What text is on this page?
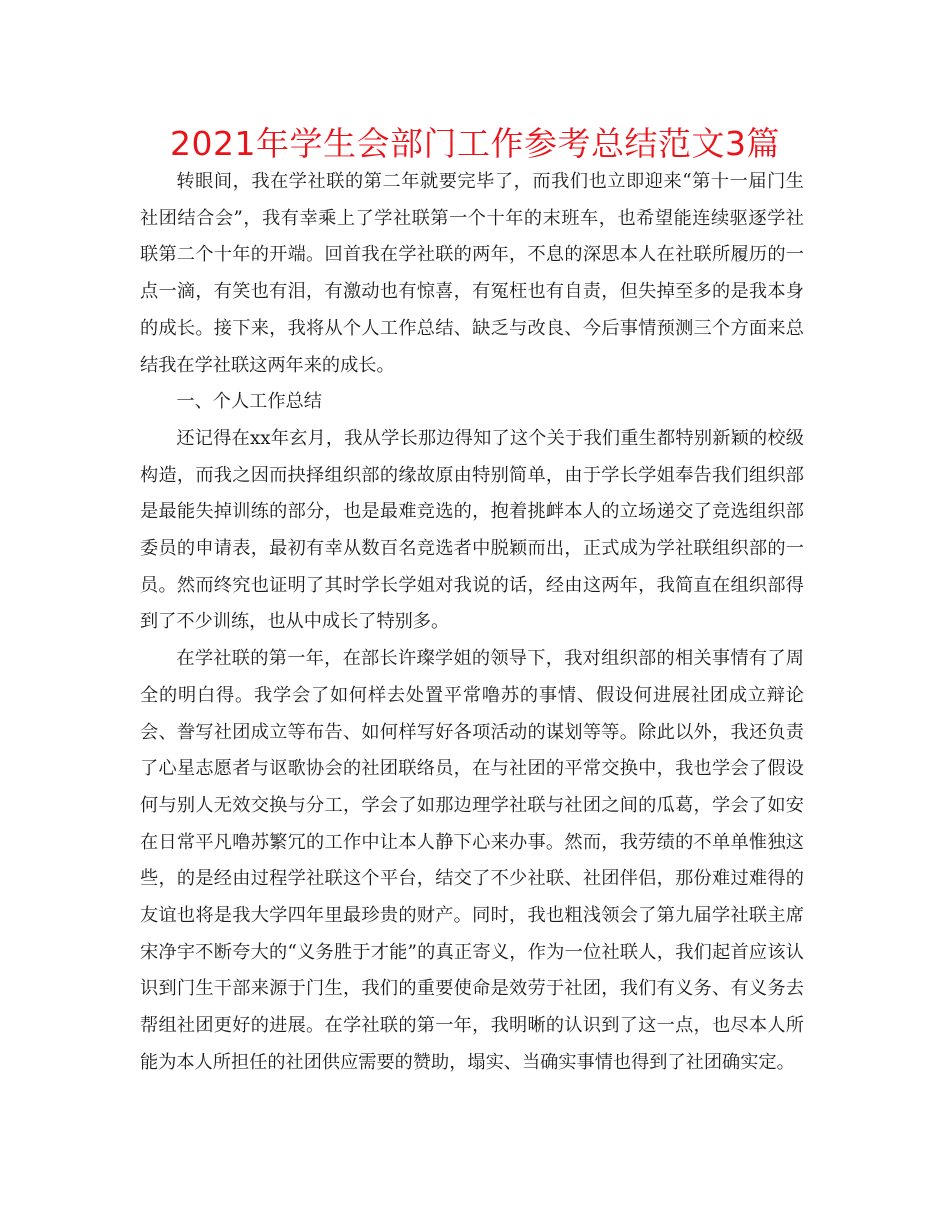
2021年学生会部门工作参考总结范文3篇

转眼间，我在学社联的第二年就要完毕了，而我们也立即迎来“第十一届门生社团结合会”，我有幸乘上了学社联第一个十年的末班车，也希望能连续驱逐学社联第二个十年的开端。回首我在学社联的两年，不息的深思本人在社联所履历的一点一滴，有笑也有泪，有激动也有惊喜，有冤枉也有自责，但失掉至多的是我本身的成长。接下来，我将从个人工作总结、缺乏与改良、今后事情预测三个方面来总结我在学社联这两年来的成长。

一、个人工作总结

还记得在xx年玄月，我从学长那边得知了这个关于我们重生都特别新颖的校级构造，而我之因而抉择组织部的缘故原由特别简单，由于学长学姐奉告我们组织部是最能失掉训练的部分，也是最难竞选的，抱着挑衅本人的立场递交了竞选组织部委员的申请表，最初有幸从数百名竞选者中脱颖而出，正式成为学社联组织部的一员。然而终究也证明了其时学长学姐对我说的话，经由这两年，我简直在组织部得到了不少训练，也从中成长了特别多。

在学社联的第一年，在部长许璨学姐的领导下，我对组织部的相关事情有了周全的明白得。我学会了如何样去处置平常噜苏的事情、假设何进展社团成立辩论会、誊写社团成立等布告、如何样写好各项活动的谋划等等。除此以外，我还负责了心星志愿者与讴歌协会的社团联络员，在与社团的平常交换中，我也学会了假设何与别人无效交换与分工，学会了如那边理学社联与社团之间的瓜葛，学会了如安在日常平凡噜苏繁冗的工作中让本人静下心来办事。然而，我劳绩的不单单惟独这些，的是经由过程学社联这个平台，结交了不少社联、社团伴侣，那份难过难得的友谊也将是我大学四年里最珍贵的财产。同时，我也粗浅领会了第九届学社联主席宋净宇不断夸大的“义务胜于才能”的真正寄义，作为一位社联人，我们起首应该认识到门生干部来源于门生，我们的重要使命是效劳于社团，我们有义务、有义务去帮组社团更好的进展。在学社联的第一年，我明晰的认识到了这一点，也尽本人所能为本人所担任的社团供应需要的赞助，塌实、当确实事情也得到了社团确实定。
